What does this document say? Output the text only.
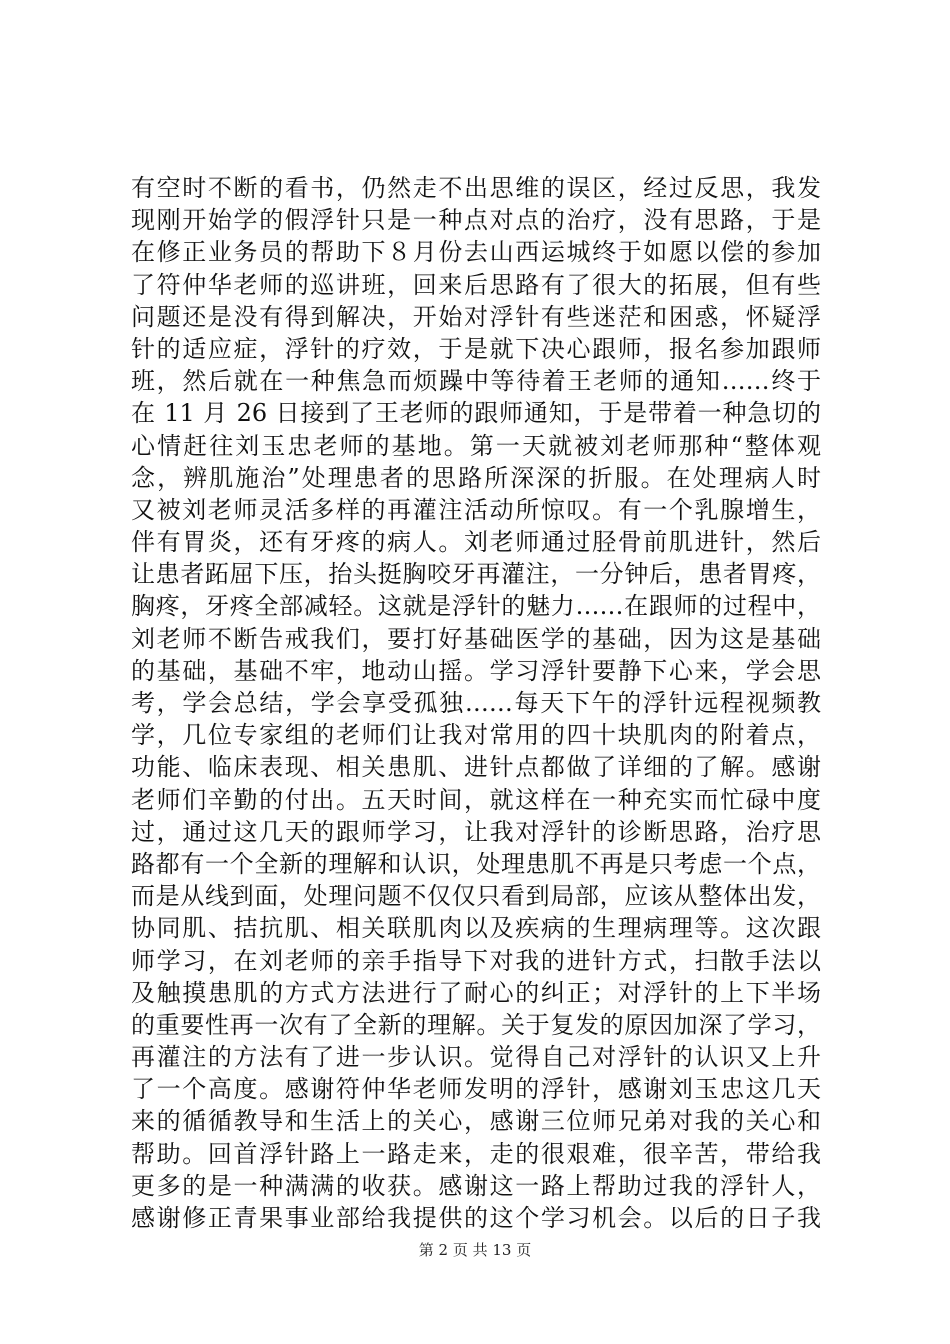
有空时不断的看书，仍然走不出思维的误区，经过反思，我发
现刚开始学的假浮针只是一种点对点的治疗，没有思路，于是
在修正业务员的帮助下８月份去山西运城终于如愿以偿的参加
了符仲华老师的巡讲班，回来后思路有了很大的拓展，但有些
问题还是没有得到解决，开始对浮针有些迷茫和困惑，怀疑浮
针的适应症，浮针的疗效，于是就下决心跟师，报名参加跟师
班，然后就在一种焦急而烦躁中等待着王老师的通知……终于
在 11 月 26 日接到了王老师的跟师通知，于是带着一种急切的
心情赶往刘玉忠老师的基地。第一天就被刘老师那种“整体观
念，辨肌施治”处理患者的思路所深深的折服。在处理病人时
又被刘老师灵活多样的再灌注活动所惊叹。有一个乳腺增生，
伴有胃炎，还有牙疼的病人。刘老师通过胫骨前肌进针，然后
让患者跖屈下压，抬头挺胸咬牙再灌注，一分钟后，患者胃疼，
胸疼，牙疼全部减轻。这就是浮针的魅力……在跟师的过程中，
刘老师不断告戒我们，要打好基础医学的基础，因为这是基础
的基础，基础不牢，地动山摇。学习浮针要静下心来，学会思
考，学会总结，学会享受孤独……每天下午的浮针远程视频教
学，几位专家组的老师们让我对常用的四十块肌肉的附着点，
功能、临床表现、相关患肌、进针点都做了详细的了解。感谢
老师们辛勤的付出。五天时间，就这样在一种充实而忙碌中度
过，通过这几天的跟师学习，让我对浮针的诊断思路，治疗思
路都有一个全新的理解和认识，处理患肌不再是只考虑一个点，
而是从线到面，处理问题不仅仅只看到局部，应该从整体出发，
协同肌、拮抗肌、相关联肌肉以及疾病的生理病理等。这次跟
师学习，在刘老师的亲手指导下对我的进针方式，扫散手法以
及触摸患肌的方式方法进行了耐心的纠正；对浮针的上下半场
的重要性再一次有了全新的理解。关于复发的原因加深了学习，
再灌注的方法有了进一步认识。觉得自己对浮针的认识又上升
了一个高度。感谢符仲华老师发明的浮针，感谢刘玉忠这几天
来的循循教导和生活上的关心，感谢三位师兄弟对我的关心和
帮助。回首浮针路上一路走来，走的很艰难，很辛苦，带给我
更多的是一种满满的收获。感谢这一路上帮助过我的浮针人，
感谢修正青果事业部给我提供的这个学习机会。以后的日子我
第 2 页 共 13 页
